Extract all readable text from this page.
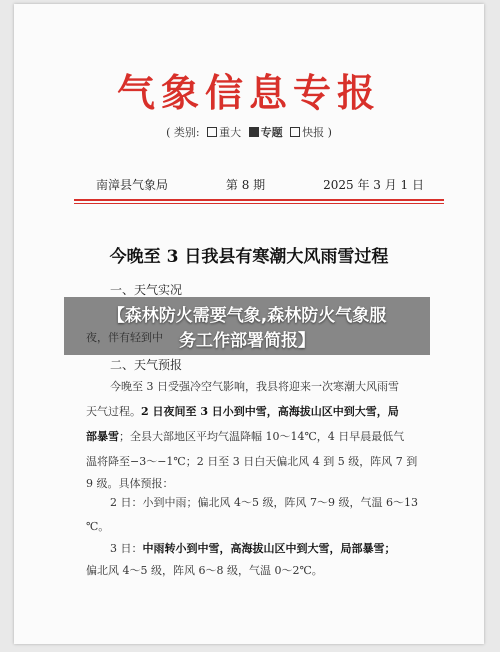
气象信息专报
( 类别: 重大 专题 快报 )
南漳县气象局	第 8 期	2025 年 3 月 1 日
今晚至 3 日我县有寒潮大风雨雪过程
一、天气实况
二、天气预报
今晚至 3 日受强冷空气影响，我县将迎来一次寒潮大风雨雪
天气过程。2 日夜间至 3 日小到中雪，高海拔山区中到大雪，局
部暴雪；全县大部地区平均气温降幅 10～14℃，4 日早晨最低气
温将降至−3～−1℃；2 日至 3 日白天偏北风 4 到 5 级，阵风 7 到
9 级。具体预报：
2 日：小到中雨；偏北风 4～5 级，阵风 7～9 级，气温 6～13
℃。
3 日：中雨转小到中雪，高海拔山区中到大雪，局部暴雪；
偏北风 4～5 级，阵风 6～8 级，气温 0～2℃。
【森林防火需要气象,森林防火气象服
务工作部署简报】
